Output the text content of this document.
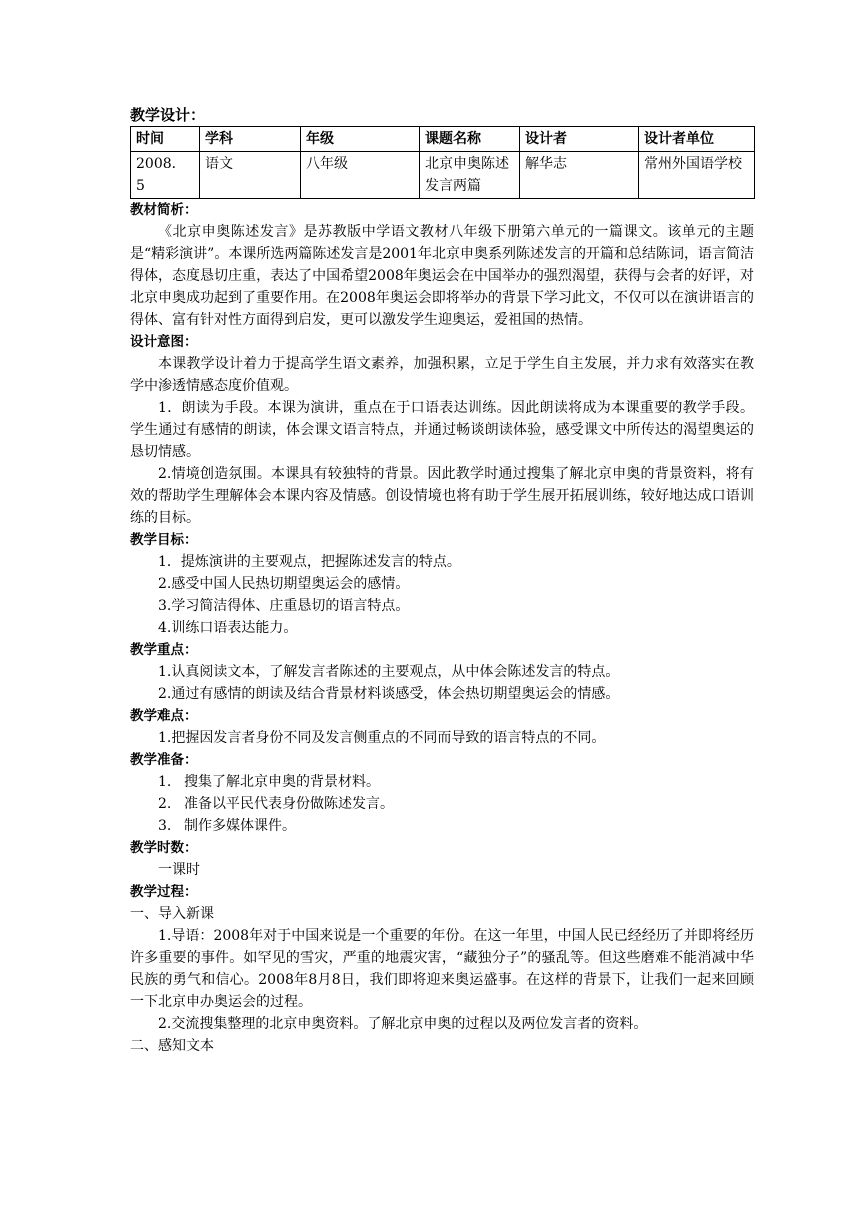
教学设计：
时间	学科	年级	课题名称	设计者	设计者单位
2008．5	语文	八年级	北京申奥陈述发言两篇	解华志	常州外国语学校
教材简析：

《北京申奥陈述发言》是苏教版中学语文教材八年级下册第六单元的一篇课文。该单元的主题是“精彩演讲”。本课所选两篇陈述发言是2001年北京申奥系列陈述发言的开篇和总结陈词，语言简洁得体，态度恳切庄重，表达了中国希望2008年奥运会在中国举办的强烈渴望，获得与会者的好评，对北京申奥成功起到了重要作用。在2008年奥运会即将举办的背景下学习此文，不仅可以在演讲语言的得体、富有针对性方面得到启发，更可以激发学生迎奥运，爱祖国的热情。

设计意图：

本课教学设计着力于提高学生语文素养，加强积累，立足于学生自主发展，并力求有效落实在教学中渗透情感态度价值观。

1．朗读为手段。本课为演讲，重点在于口语表达训练。因此朗读将成为本课重要的教学手段。学生通过有感情的朗读，体会课文语言特点，并通过畅谈朗读体验，感受课文中所传达的渴望奥运的恳切情感。

2.情境创造氛围。本课具有较独特的背景。因此教学时通过搜集了解北京申奥的背景资料，将有效的帮助学生理解体会本课内容及情感。创设情境也将有助于学生展开拓展训练，较好地达成口语训练的目标。

教学目标：

1．提炼演讲的主要观点，把握陈述发言的特点。

2.感受中国人民热切期望奥运会的感情。

3.学习简洁得体、庄重恳切的语言特点。

4.训练口语表达能力。

教学重点：

1.认真阅读文本，了解发言者陈述的主要观点，从中体会陈述发言的特点。

2.通过有感情的朗读及结合背景材料谈感受，体会热切期望奥运会的情感。

教学难点：

1.把握因发言者身份不同及发言侧重点的不同而导致的语言特点的不同。

教学准备：

1. 搜集了解北京申奥的背景材料。

2. 准备以平民代表身份做陈述发言。

3. 制作多媒体课件。

教学时数：

一课时

教学过程：
一、导入新课

1.导语：2008年对于中国来说是一个重要的年份。在这一年里，中国人民已经经历了并即将经历许多重要的事件。如罕见的雪灾，严重的地震灾害，“藏独分子”的骚乱等。但这些磨难不能消减中华民族的勇气和信心。2008年8月8日，我们即将迎来奥运盛事。在这样的背景下，让我们一起来回顾一下北京申办奥运会的过程。

2.交流搜集整理的北京申奥资料。了解北京申奥的过程以及两位发言者的资料。

二、感知文本
